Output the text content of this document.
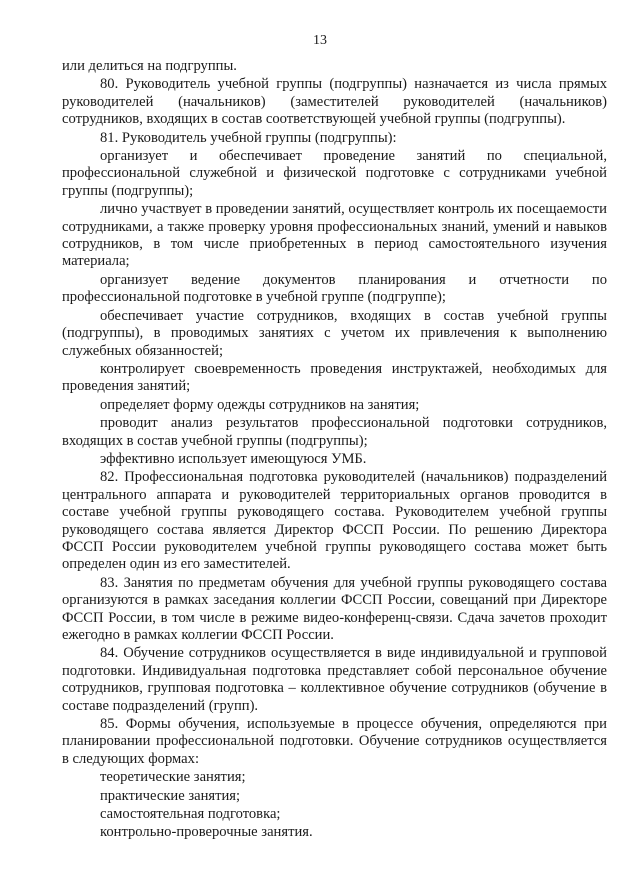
13

или делиться на подгруппы.

80. Руководитель учебной группы (подгруппы) назначается из числа прямых руководителей (начальников) (заместителей руководителей (начальников) сотрудников, входящих в состав соответствующей учебной группы (подгруппы).

81. Руководитель учебной группы (подгруппы):

организует и обеспечивает проведение занятий по специальной, профессиональной служебной и физической подготовке с сотрудниками учебной группы (подгруппы);

лично участвует в проведении занятий, осуществляет контроль их посещаемости сотрудниками, а также проверку уровня профессиональных знаний, умений и навыков сотрудников, в том числе приобретенных в период самостоятельного изучения материала;

организует ведение документов планирования и отчетности по профессиональной подготовке в учебной группе (подгруппе);

обеспечивает участие сотрудников, входящих в состав учебной группы (подгруппы), в проводимых занятиях с учетом их привлечения к выполнению служебных обязанностей;

контролирует своевременность проведения инструктажей, необходимых для проведения занятий;

определяет форму одежды сотрудников на занятия;

проводит анализ результатов профессиональной подготовки сотрудников, входящих в состав учебной группы (подгруппы);

эффективно использует имеющуюся УМБ.

82. Профессиональная подготовка руководителей (начальников) подразделений центрального аппарата и руководителей территориальных органов проводится в составе учебной группы руководящего состава. Руководителем учебной группы руководящего состава является Директор ФССП России. По решению Директора ФССП России руководителем учебной группы руководящего состава может быть определен один из его заместителей.

83. Занятия по предметам обучения для учебной группы руководящего состава организуются в рамках заседания коллегии ФССП России, совещаний при Директоре ФССП России, в том числе в режиме видео-конференц-связи. Сдача зачетов проходит ежегодно в рамках коллегии ФССП России.

84. Обучение сотрудников осуществляется в виде индивидуальной и групповой подготовки. Индивидуальная подготовка представляет собой персональное обучение сотрудников, групповая подготовка – коллективное обучение сотрудников (обучение в составе подразделений (групп).

85. Формы обучения, используемые в процессе обучения, определяются при планировании профессиональной подготовки. Обучение сотрудников осуществляется в следующих формах:

теоретические занятия;

практические занятия;

самостоятельная подготовка;

контрольно-проверочные занятия.
